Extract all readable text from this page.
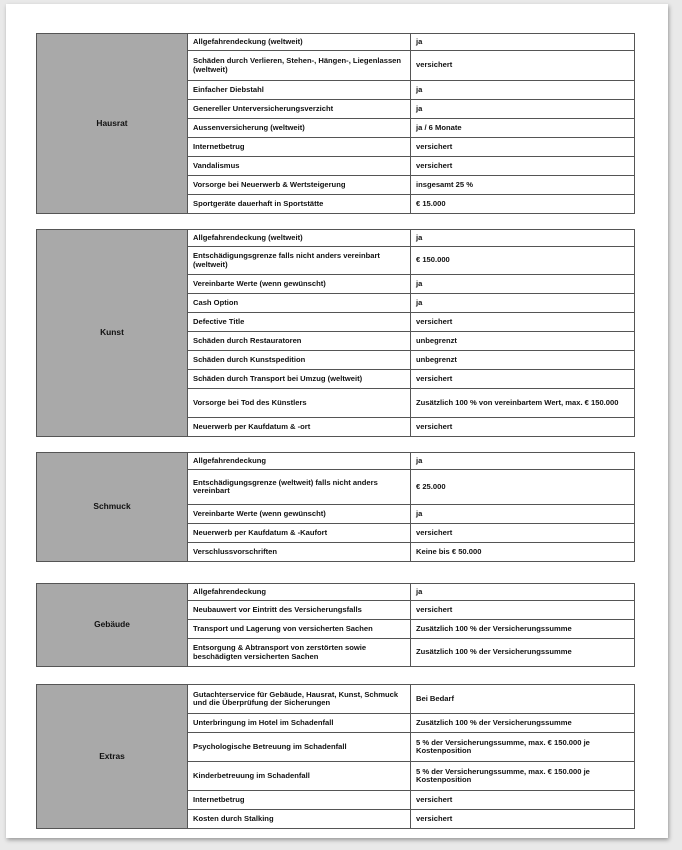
Hausrat	Allgefahrendeckung (weltweit)	ja
	Schäden durch Verlieren, Stehen-, Hängen-, Liegenlassen (weltweit)	versichert
	Einfacher Diebstahl	ja
	Genereller Unterversicherungsverzicht	ja
	Aussenversicherung (weltweit)	ja / 6 Monate
	Internetbetrug	versichert
	Vandalismus	versichert
	Vorsorge bei Neuerwerb & Wertsteigerung	insgesamt 25 %
	Sportgeräte dauerhaft in Sportstätte	€ 15.000
Kunst	Allgefahrendeckung (weltweit)	ja
	Entschädigungsgrenze falls nicht anders vereinbart (weltweit)	€ 150.000
	Vereinbarte Werte (wenn gewünscht)	ja
	Cash Option	ja
	Defective Title	versichert
	Schäden durch Restauratoren	unbegrenzt
	Schäden durch Kunstspedition	unbegrenzt
	Schäden durch Transport bei Umzug (weltweit)	versichert
	Vorsorge bei Tod des Künstlers	Zusätzlich 100 % von vereinbartem Wert, max. € 150.000
	Neuerwerb per Kaufdatum & -ort	versichert
Schmuck	Allgefahrendeckung	ja
	Entschädigungsgrenze (weltweit) falls nicht anders vereinbart	€ 25.000
	Vereinbarte Werte (wenn gewünscht)	ja
	Neuerwerb per Kaufdatum & -Kaufort	versichert
	Verschlussvorschriften	Keine bis € 50.000
Gebäude	Allgefahrendeckung	ja
	Neubauwert vor Eintritt des Versicherungsfalls	versichert
	Transport und Lagerung von versicherten Sachen	Zusätzlich 100 % der Versicherungssumme
	Entsorgung & Abtransport von zerstörten sowie beschädigten versicherten Sachen	Zusätzlich 100 % der Versicherungssumme
Extras	Gutachterservice für Gebäude, Hausrat, Kunst, Schmuck und die Überprüfung der Sicherungen	Bei Bedarf
	Unterbringung im Hotel im Schadenfall	Zusätzlich 100 % der Versicherungssumme
	Psychologische Betreuung im Schadenfall	5 % der Versicherungssumme, max. € 150.000 je Kostenposition
	Kinderbetreuung im Schadenfall	5 % der Versicherungssumme, max. € 150.000 je Kostenposition
	Internetbetrug	versichert
	Kosten durch Stalking	versichert
